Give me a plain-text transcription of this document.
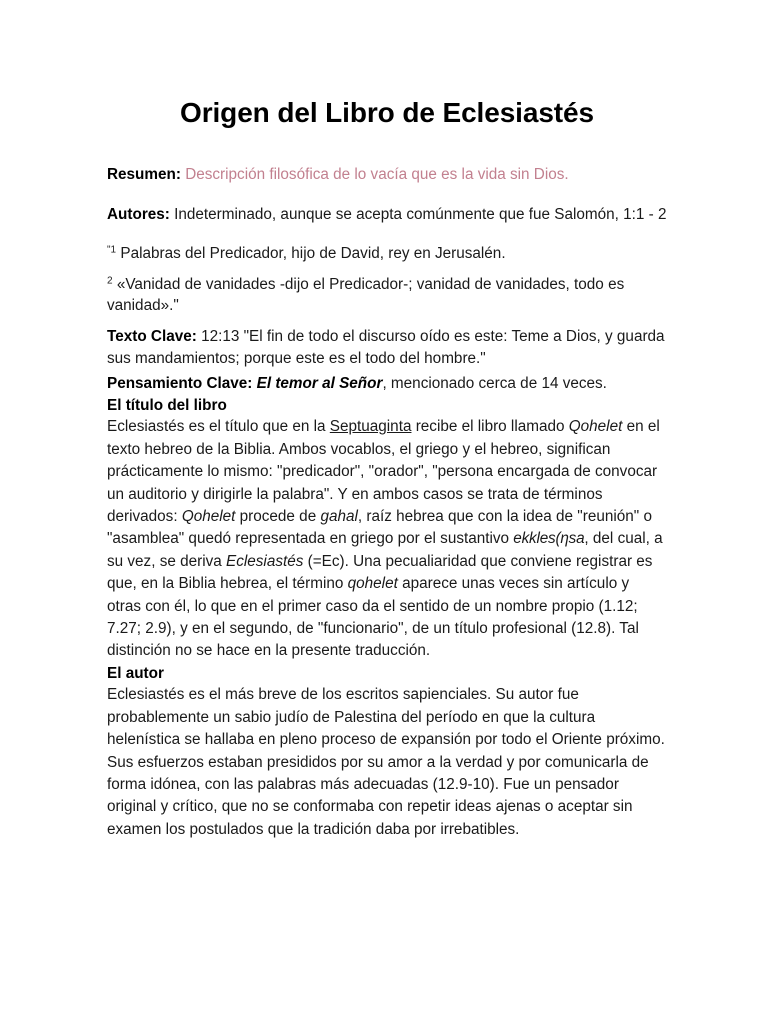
Origen del Libro de Eclesiastés

Resumen: Descripción filosófica de lo vacía que es la vida sin Dios.

Autores: Indeterminado, aunque se acepta comúnmente que fue Salomón, 1:1 - 2

$^{"1}$ Palabras del Predicador, hijo de David, rey en Jerusalén.

$^2$ «Vanidad de vanidades -dijo el Predicador-; vanidad de vanidades, todo es vanidad»."

Texto Clave: 12:13 "El fin de todo el discurso oído es este: Teme a Dios, y guarda sus mandamientos; porque este es el todo del hombre."

Pensamiento Clave: El temor al Señor, mencionado cerca de 14 veces.

El título del libro

Eclesiastés es el título que en la Septuaginta recibe el libro llamado Qohelet en el texto hebreo de la Biblia. Ambos vocablos, el griego y el hebreo, significan prácticamente lo mismo: "predicador", "orador", "persona encargada de convocar un auditorio y dirigirle la palabra". Y en ambos casos se trata de términos derivados: Qohelet procede de gahal, raíz hebrea que con la idea de "reunión" o "asamblea" quedó representada en griego por el sustantivo ekkles(ηsa, del cual, a su vez, se deriva Eclesiastés (=Ec). Una pecualiaridad que conviene registrar es que, en la Biblia hebrea, el término qohelet aparece unas veces sin artículo y otras con él, lo que en el primer caso da el sentido de un nombre propio (1.12; 7.27; 2.9), y en el segundo, de "funcionario", de un título profesional (12.8). Tal distinción no se hace en la presente traducción.

El autor

Eclesiastés es el más breve de los escritos sapienciales. Su autor fue probablemente un sabio judío de Palestina del período en que la cultura helenística se hallaba en pleno proceso de expansión por todo el Oriente próximo. Sus esfuerzos estaban presididos por su amor a la verdad y por comunicarla de forma idónea, con las palabras más adecuadas (12.9-10). Fue un pensador original y crítico, que no se conformaba con repetir ideas ajenas o aceptar sin examen los postulados que la tradición daba por irrebatibles.
